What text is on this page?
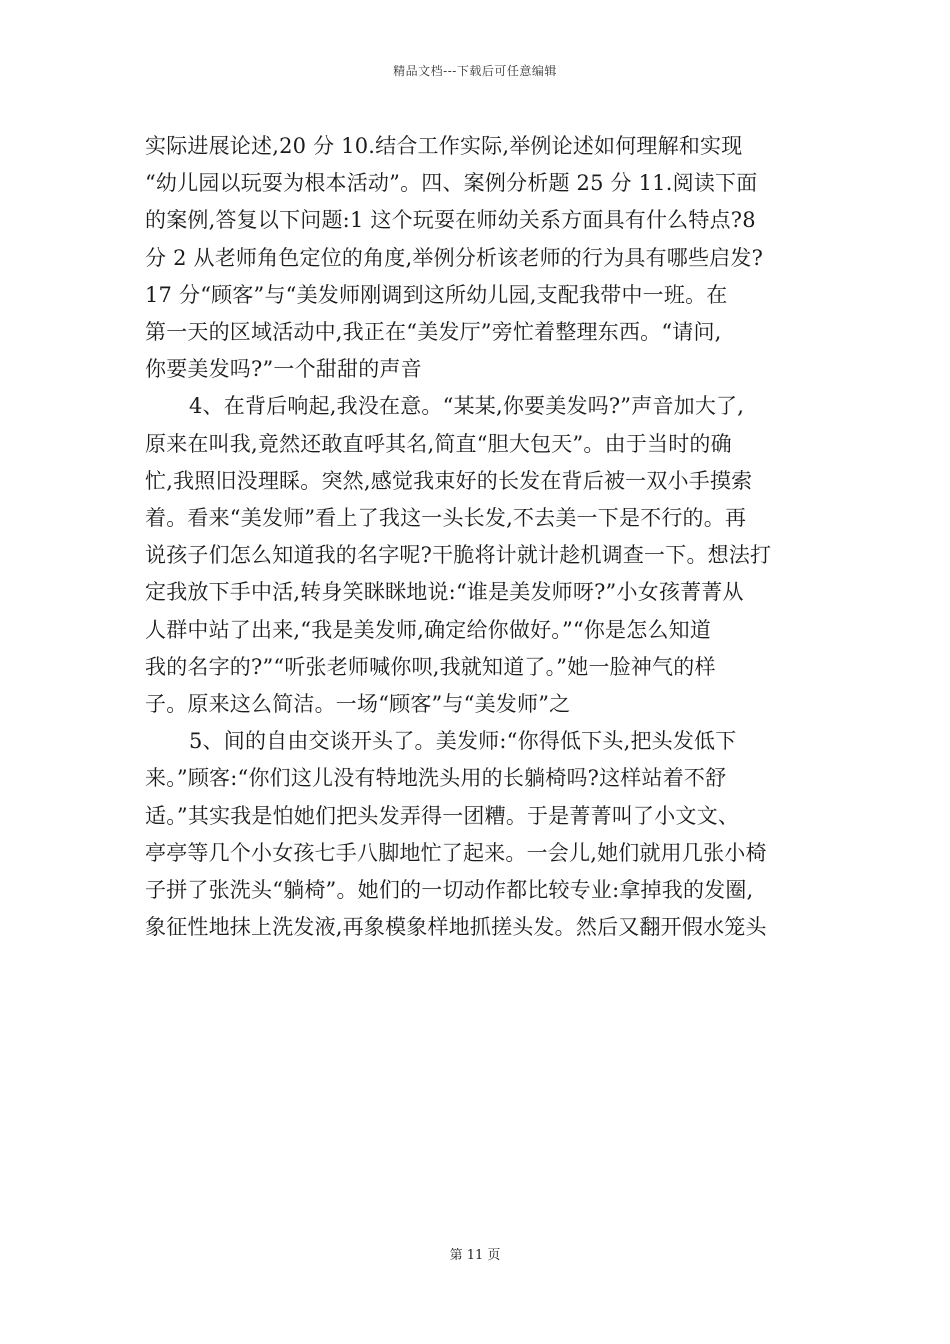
精品文档---下载后可任意编辑

实际进展论述,20 分 10.结合工作实际,举例论述如何理解和实现
“幼儿园以玩耍为根本活动”。四、案例分析题 25 分 11.阅读下面
的案例,答复以下问题:1 这个玩耍在师幼关系方面具有什么特点?8
分 2 从老师角色定位的角度,举例分析该老师的行为具有哪些启发?
17 分“顾客”与“美发师刚调到这所幼儿园,支配我带中一班。在
第一天的区域活动中,我正在“美发厅”旁忙着整理东西。“请问,
你要美发吗?”一个甜甜的声音

4、在背后响起,我没在意。“某某,你要美发吗?”声音加大了,
原来在叫我,竟然还敢直呼其名,简直“胆大包天”。由于当时的确
忙,我照旧没理睬。突然,感觉我束好的长发在背后被一双小手摸索
着。看来“美发师”看上了我这一头长发,不去美一下是不行的。再
说孩子们怎么知道我的名字呢?干脆将计就计趁机调查一下。想法打
定我放下手中活,转身笑眯眯地说:“谁是美发师呀?”小女孩菁菁从
人群中站了出来,“我是美发师,确定给你做好。”“你是怎么知道
我的名字的?”“听张老师喊你呗,我就知道了。”她一脸神气的样
子。原来这么简洁。一场“顾客”与“美发师”之

5、间的自由交谈开头了。美发师:“你得低下头,把头发低下
来。”顾客:“你们这儿没有特地洗头用的长躺椅吗?这样站着不舒
适。”其实我是怕她们把头发弄得一团糟。于是菁菁叫了小文文、
亭亭等几个小女孩七手八脚地忙了起来。一会儿,她们就用几张小椅
子拼了张洗头“躺椅”。她们的一切动作都比较专业:拿掉我的发圈,
象征性地抹上洗发液,再象模象样地抓搓头发。然后又翻开假水笼头

第 11 页
